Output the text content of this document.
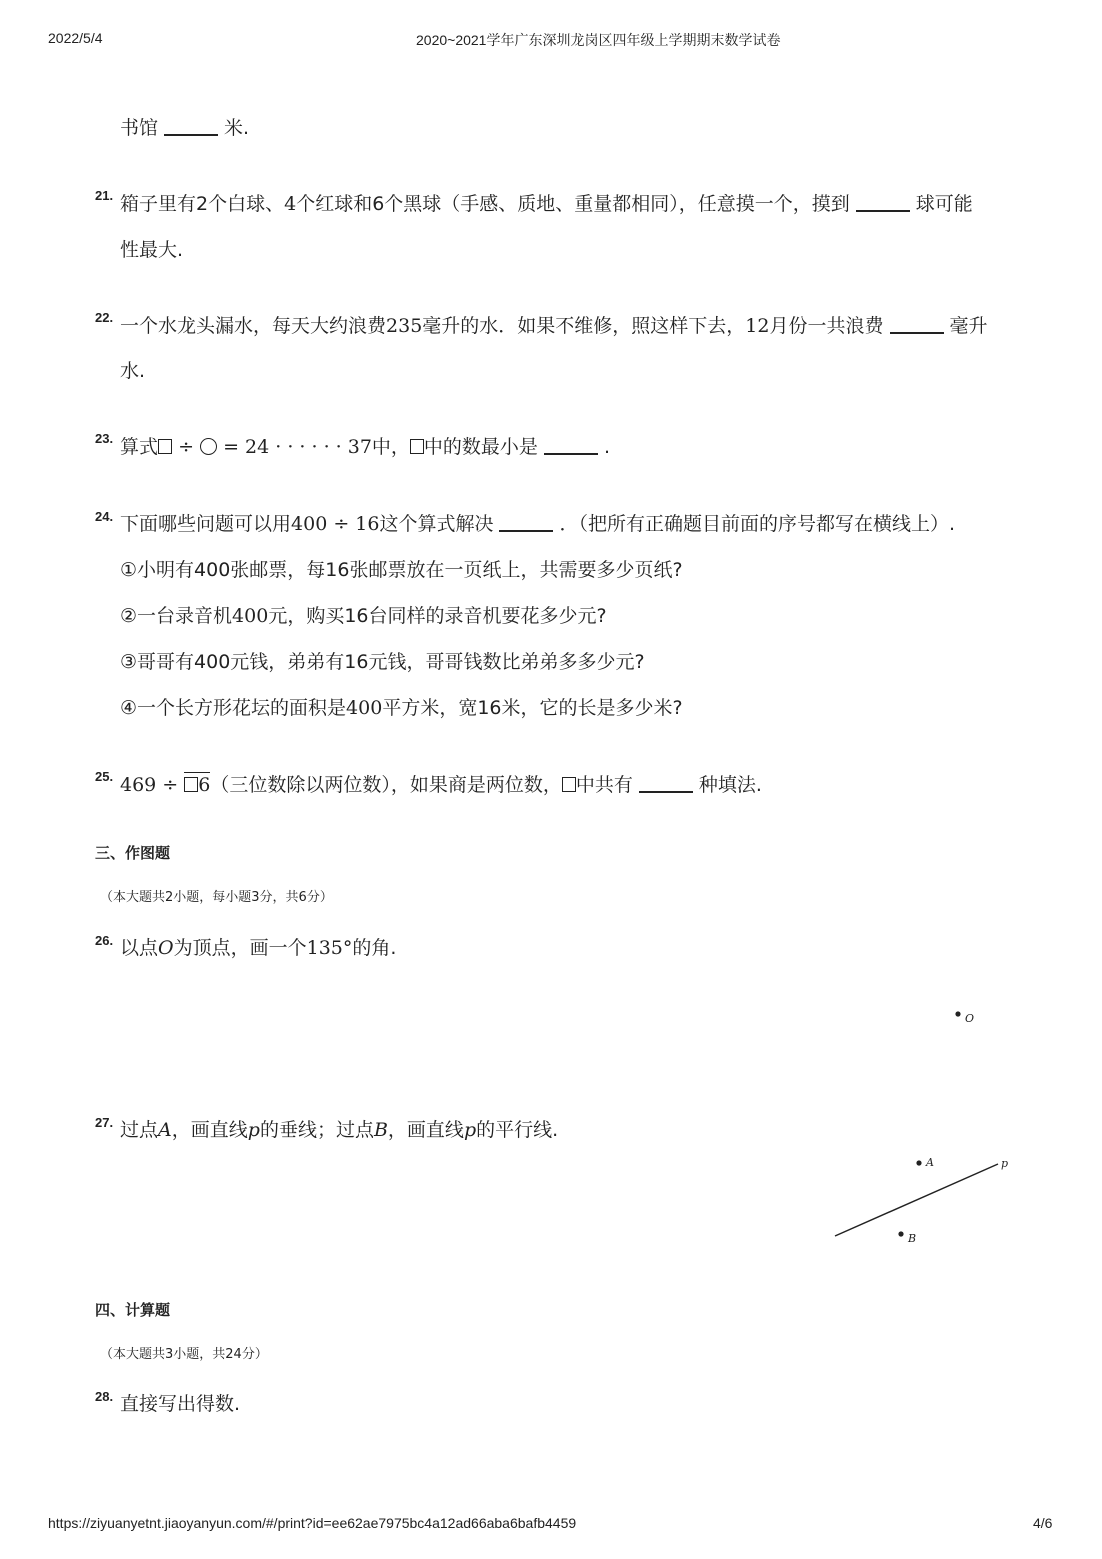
2022/5/4	2020~2021学年广东深圳龙岗区四年级上学期期末数学试卷
书馆	米.
21. 箱子里有2个白球、4个红球和6个黑球（手感、质地、重量都相同），任意摸一个，摸到	球可能
性最大.
22. 一个水龙头漏水，每天大约浪费235毫升的水．如果不维修，照这样下去，12月份一共浪费	毫升
水.
23. 算式 ÷ = 24 · · · · · · 37中， 中的数最小是	.
24. 下面哪些问题可以用400 ÷ 16这个算式解决	．（把所有正确题目前面的序号都写在横线上）.
①小明有400张邮票，每16张邮票放在一页纸上，共需要多少页纸?
②一台录音机400元，购买16台同样的录音机要花多少元?
③哥哥有400元钱，弟弟有16元钱，哥哥钱数比弟弟多多少元?
④一个长方形花坛的面积是400平方米，宽16米，它的长是多少米?
25. 469 ÷ 6（三位数除以两位数），如果商是两位数， 中共有	种填法.
三、作图题
（本大题共2小题，每小题3分，共6分）
26. 以点O为顶点，画一个135°的角.
O
27. 过点A，画直线p的垂线；过点B，画直线p的平行线.
A
B
p
四、计算题
（本大题共3小题，共24分）
28. 直接写出得数.
https://ziyuanyetnt.jiaoyanyun.com/#/print?id=ee62ae7975bc4a12ad66aba6bafb4459	4/6
